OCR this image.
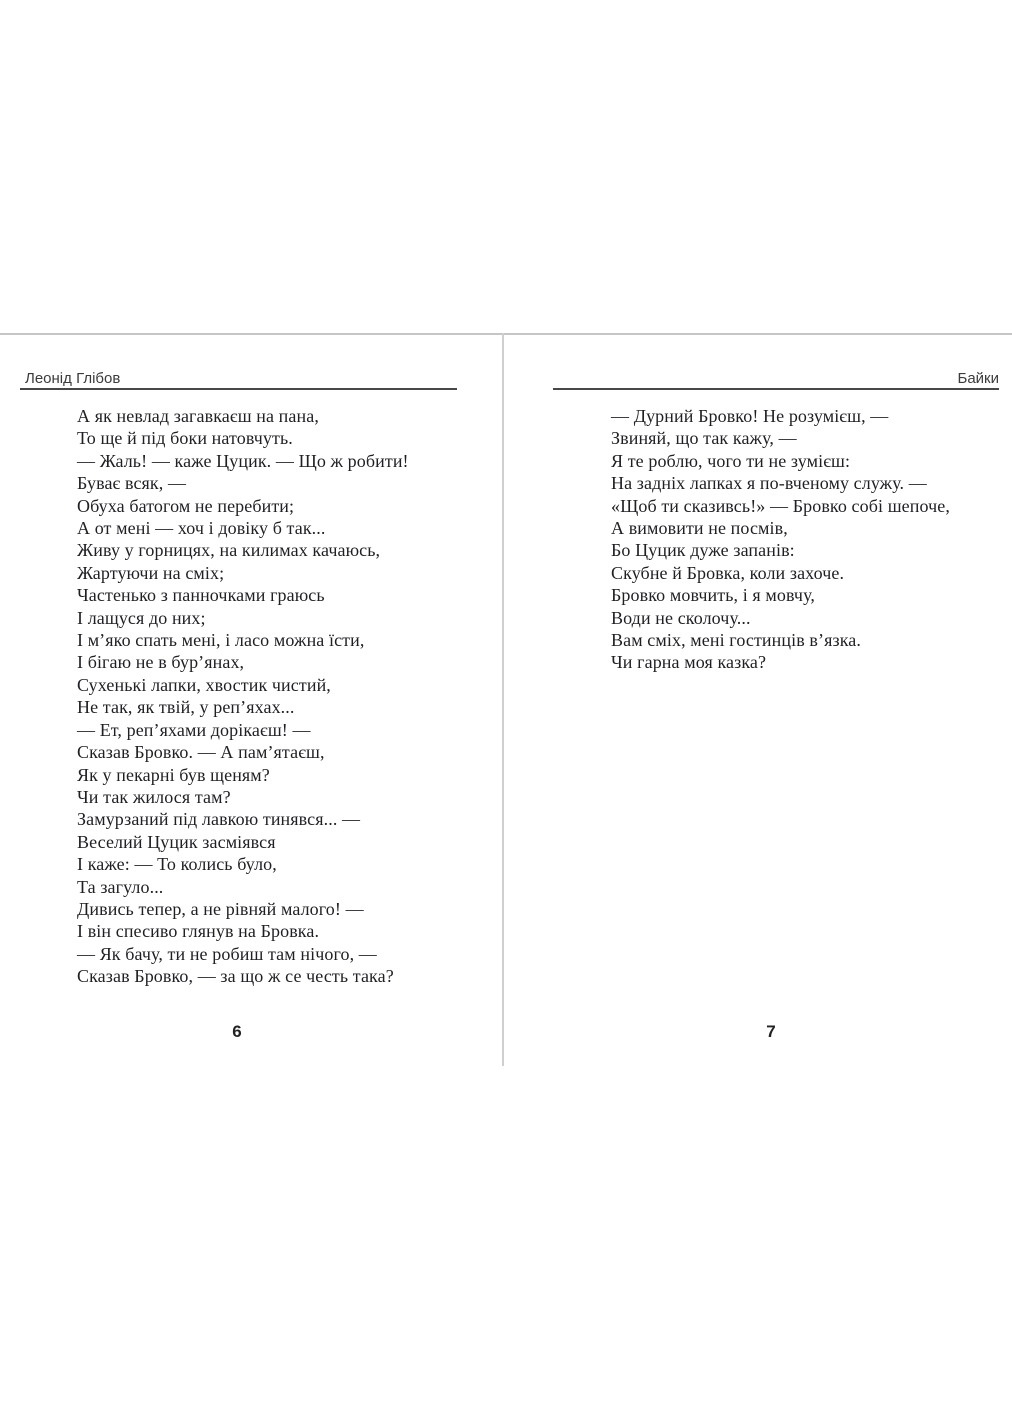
Леонід Глібов
А як невлад загавкаєш на пана,
То ще й під боки натовчуть.
— Жаль! — каже Цуцик. — Що ж робити!
Буває всяк, —
Обуха батогом не перебити;
А от мені — хоч і довіку б так...
Живу у горницях, на килимах качаюсь,
Жартуючи на сміх;
Частенько з панночками граюсь
І лащуся до них;
І м’яко спать мені, і ласо можна їсти,
І бігаю не в бур’янах,
Сухенькі лапки, хвостик чистий,
Не так, як твій, у реп’яхах...
— Ет, реп’яхами дорікаєш! —
Сказав Бровко. — А пам’ятаєш,
Як у пекарні був щеням?
Чи так жилося там?
Замурзаний під лавкою тинявся... —
Веселий Цуцик засміявся
І каже: — То колись було,
Та загуло...
Дивись тепер, а не рівняй малого! —
І він спесиво глянув на Бровка.
— Як бачу, ти не робиш там нічого, —
Сказав Бровко, — за що ж се честь така?
6
Байки
— Дурний Бровко! Не розумієш, —
Звиняй, що так кажу, —
Я те роблю, чого ти не зумієш:
На задніх лапках я по-вченому служу. —
«Щоб ти сказивсь!» — Бровко собі шепоче,
А вимовити не посмів,
Бо Цуцик дуже запанів:
Скубне й Бровка, коли захоче.
Бровко мовчить, і я мовчу,
Води не сколочу...
Вам сміх, мені гостинців в’язка.
Чи гарна моя казка?
7
